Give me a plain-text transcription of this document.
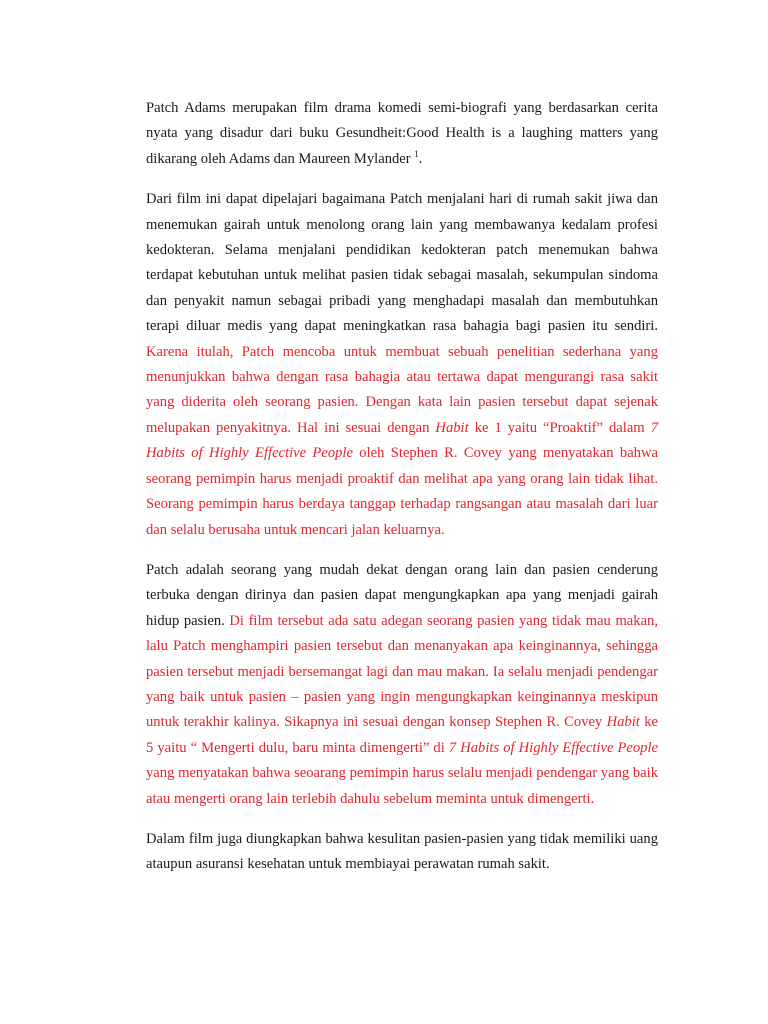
Patch Adams merupakan film drama komedi semi-biografi yang berdasarkan cerita nyata yang disadur dari buku Gesundheit:Good Health is a laughing matters yang dikarang oleh Adams dan Maureen Mylander $^1$.

Dari film ini dapat dipelajari bagaimana Patch menjalani hari di rumah sakit jiwa dan menemukan gairah untuk menolong orang lain yang membawanya kedalam profesi kedokteran. Selama menjalani pendidikan kedokteran patch menemukan bahwa terdapat kebutuhan untuk melihat pasien tidak sebagai masalah, sekumpulan sindoma dan penyakit namun sebagai pribadi yang menghadapi masalah dan membutuhkan terapi diluar medis yang dapat meningkatkan rasa bahagia bagi pasien itu sendiri. Karena itulah, Patch mencoba untuk membuat sebuah penelitian sederhana yang menunjukkan bahwa dengan rasa bahagia atau tertawa dapat mengurangi rasa sakit yang diderita oleh seorang pasien. Dengan kata lain pasien tersebut dapat sejenak melupakan penyakitnya. Hal ini sesuai dengan Habit ke 1 yaitu “Proaktif” dalam 7 Habits of Highly Effective People oleh Stephen R. Covey yang menyatakan bahwa seorang pemimpin harus menjadi proaktif dan melihat apa yang orang lain tidak lihat. Seorang pemimpin harus berdaya tanggap terhadap rangsangan atau masalah dari luar dan selalu berusaha untuk mencari jalan keluarnya.

Patch adalah seorang yang mudah dekat dengan orang lain dan pasien cenderung terbuka dengan dirinya dan pasien dapat mengungkapkan apa yang menjadi gairah hidup pasien. Di film tersebut ada satu adegan seorang pasien yang tidak mau makan, lalu Patch menghampiri pasien tersebut dan menanyakan apa keinginannya, sehingga pasien tersebut menjadi bersemangat lagi dan mau makan. Ia selalu menjadi pendengar yang baik untuk pasien – pasien yang ingin mengungkapkan keinginannya meskipun untuk terakhir kalinya. Sikapnya ini sesuai dengan konsep Stephen R. Covey Habit ke 5 yaitu “ Mengerti dulu, baru minta dimengerti” di 7 Habits of Highly Effective People yang menyatakan bahwa seoarang pemimpin harus selalu menjadi pendengar yang baik atau mengerti orang lain terlebih dahulu sebelum meminta untuk dimengerti.

Dalam film juga diungkapkan bahwa kesulitan pasien-pasien yang tidak memiliki uang ataupun asuransi kesehatan untuk membiayai perawatan rumah sakit.
